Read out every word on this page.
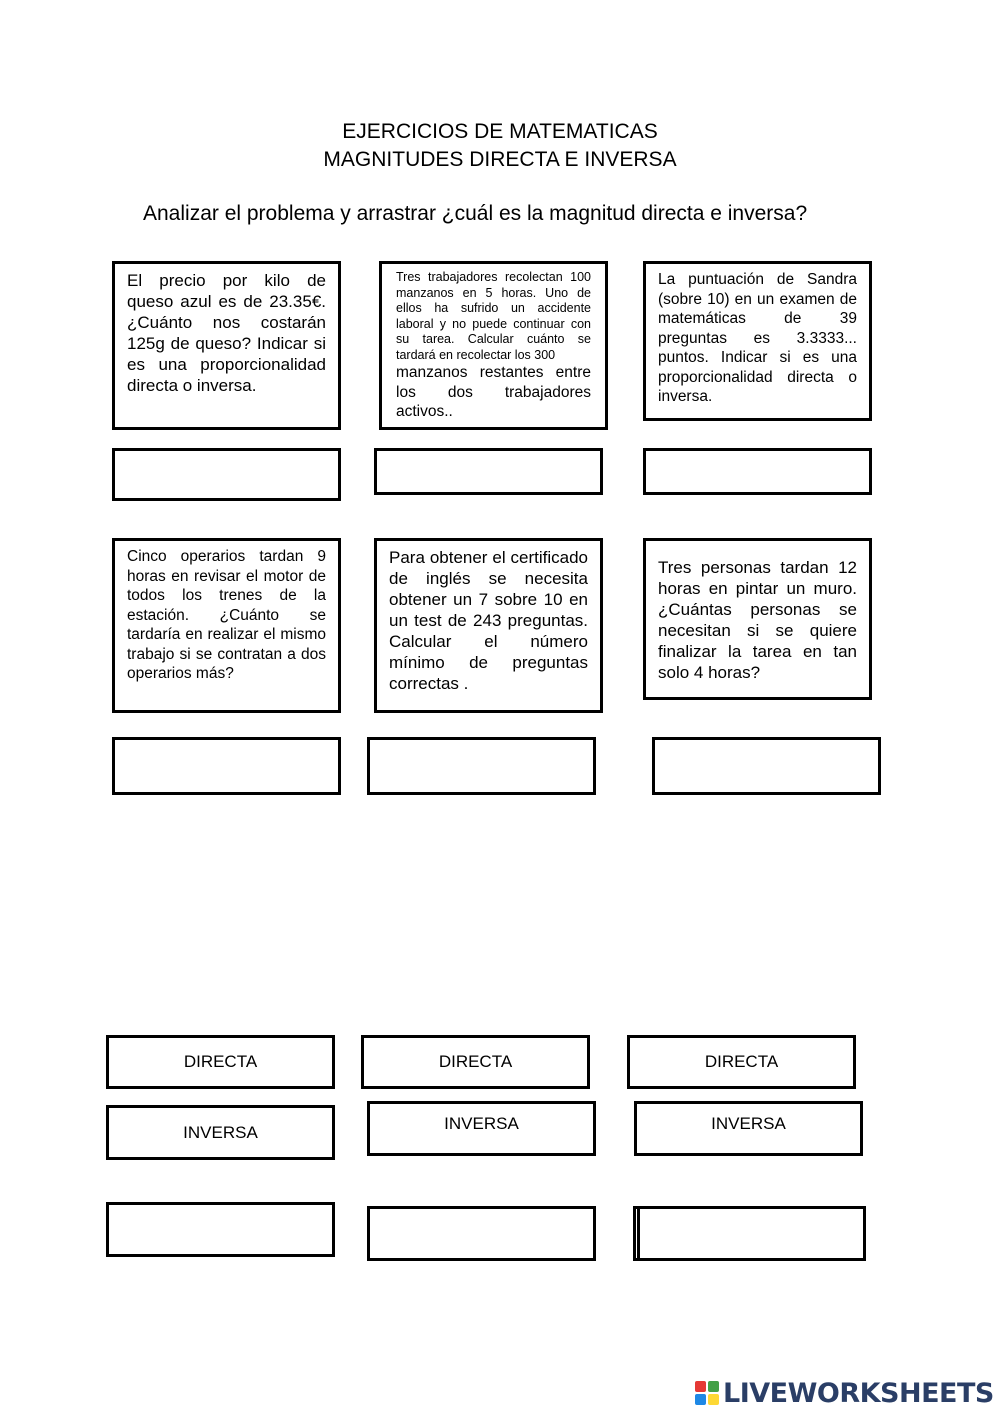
EJERCICIOS DE MATEMATICAS
MAGNITUDES DIRECTA E INVERSA
Analizar el problema y arrastrar ¿cuál es la magnitud directa e inversa?
El precio por kilo de queso azul es de 23.35€. ¿Cuánto nos costarán 125g de queso? Indicar si es una proporcionalidad directa o inversa.
Tres trabajadores recolectan 100 manzanos en 5 horas. Uno de ellos ha sufrido un accidente laboral y no puede continuar con su tarea. Calcular cuánto se tardará en recolectar los 300
manzanos restantes entre los dos trabajadores activos..
La puntuación de Sandra (sobre 10) en un examen de matemáticas de 39 preguntas es 3.3333... puntos. Indicar si es una proporcionalidad directa o inversa.
Cinco operarios tardan 9 horas en revisar el motor de todos los trenes de la estación. ¿Cuánto se tardaría en realizar el mismo trabajo si se contratan a dos operarios más?
Para obtener el certificado de inglés se necesita obtener un 7 sobre 10 en un test de 243 preguntas. Calcular el número mínimo de preguntas correctas .
Tres personas tardan 12 horas en pintar un muro. ¿Cuántas personas se necesitan si se quiere finalizar la tarea en tan solo 4 horas?
DIRECTA	DIRECTA	DIRECTA
INVERSA	INVERSA	INVERSA
LIVEWORKSHEETS
